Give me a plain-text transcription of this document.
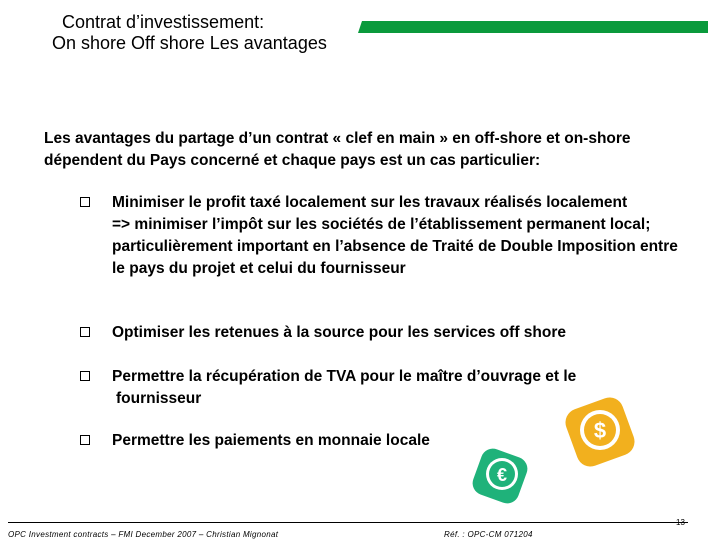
Contrat d’investissement:
On shore Off shore Les avantages
Les avantages du partage d’un contrat « clef en main » en off-shore et on-shore dépendent du Pays concerné et chaque pays est un cas particulier:
Minimiser le profit taxé localement sur les travaux réalisés localement
=> minimiser l’impôt sur les sociétés de l’établissement permanent local; particulièrement important en l’absence de Traité de Double Imposition entre le pays du projet et celui du fournisseur
Optimiser les retenues à la source pour les services off shore
Permettre la récupération de TVA pour le maître d’ouvrage et le
fournisseur
Permettre les paiements en monnaie locale	$
€
13
OPC Investment contracts – FMI December 2007 – Christian Mignonat	Réf. : OPC-CM 071204
